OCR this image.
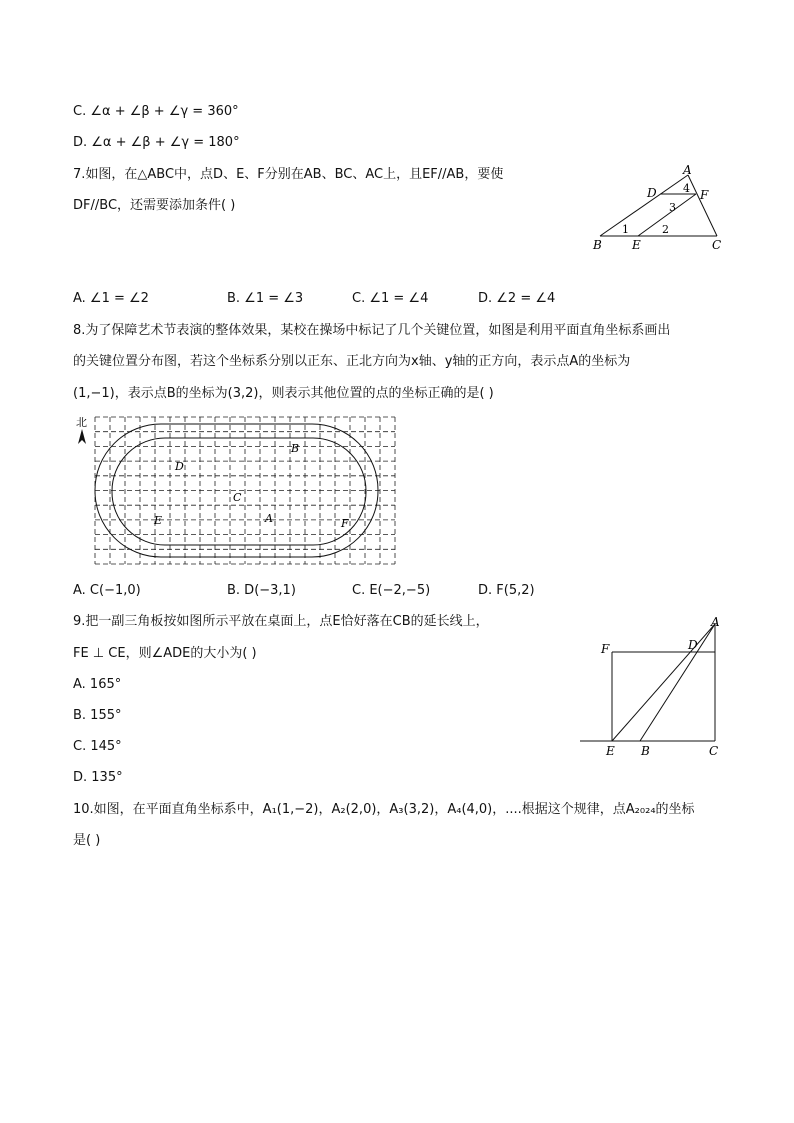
C. ∠α + ∠β + ∠γ = 360°
D. ∠α + ∠β + ∠γ = 180°
7.如图，在△ABC中，点D、E、F分别在AB、BC、AC上，且EF//AB，要使
DF//BC，还需要添加条件( )
A
D	F
B	E	C
1	2
3
4
A. ∠1 = ∠2	B. ∠1 = ∠3	C. ∠1 = ∠4	D. ∠2 = ∠4
8.为了保障艺术节表演的整体效果，某校在操场中标记了几个关键位置，如图是利用平面直角坐标系画出
的关键位置分布图，若这个坐标系分别以正东、正北方向为x轴、y轴的正方向，表示点A的坐标为
(1,−1)，表示点B的坐标为(3,2)，则表示其他位置的点的坐标正确的是( )
北
B
D
C
A
E	F
A. C(−1,0)	B. D(−3,1)	C. E(−2,−5)	D. F(5,2)
9.把一副三角板按如图所示平放在桌面上，点E恰好落在CB的延长线上，
FE ⊥ CE，则∠ADE的大小为( )
A. 165°
B. 155°
C. 145°
D. 135°
A
F	D
E B	C
10.如图，在平面直角坐标系中，A₁(1,−2)，A₂(2,0)，A₃(3,2)，A₄(4,0)，....根据这个规律，点A₂₀₂₄的坐标
是( )
